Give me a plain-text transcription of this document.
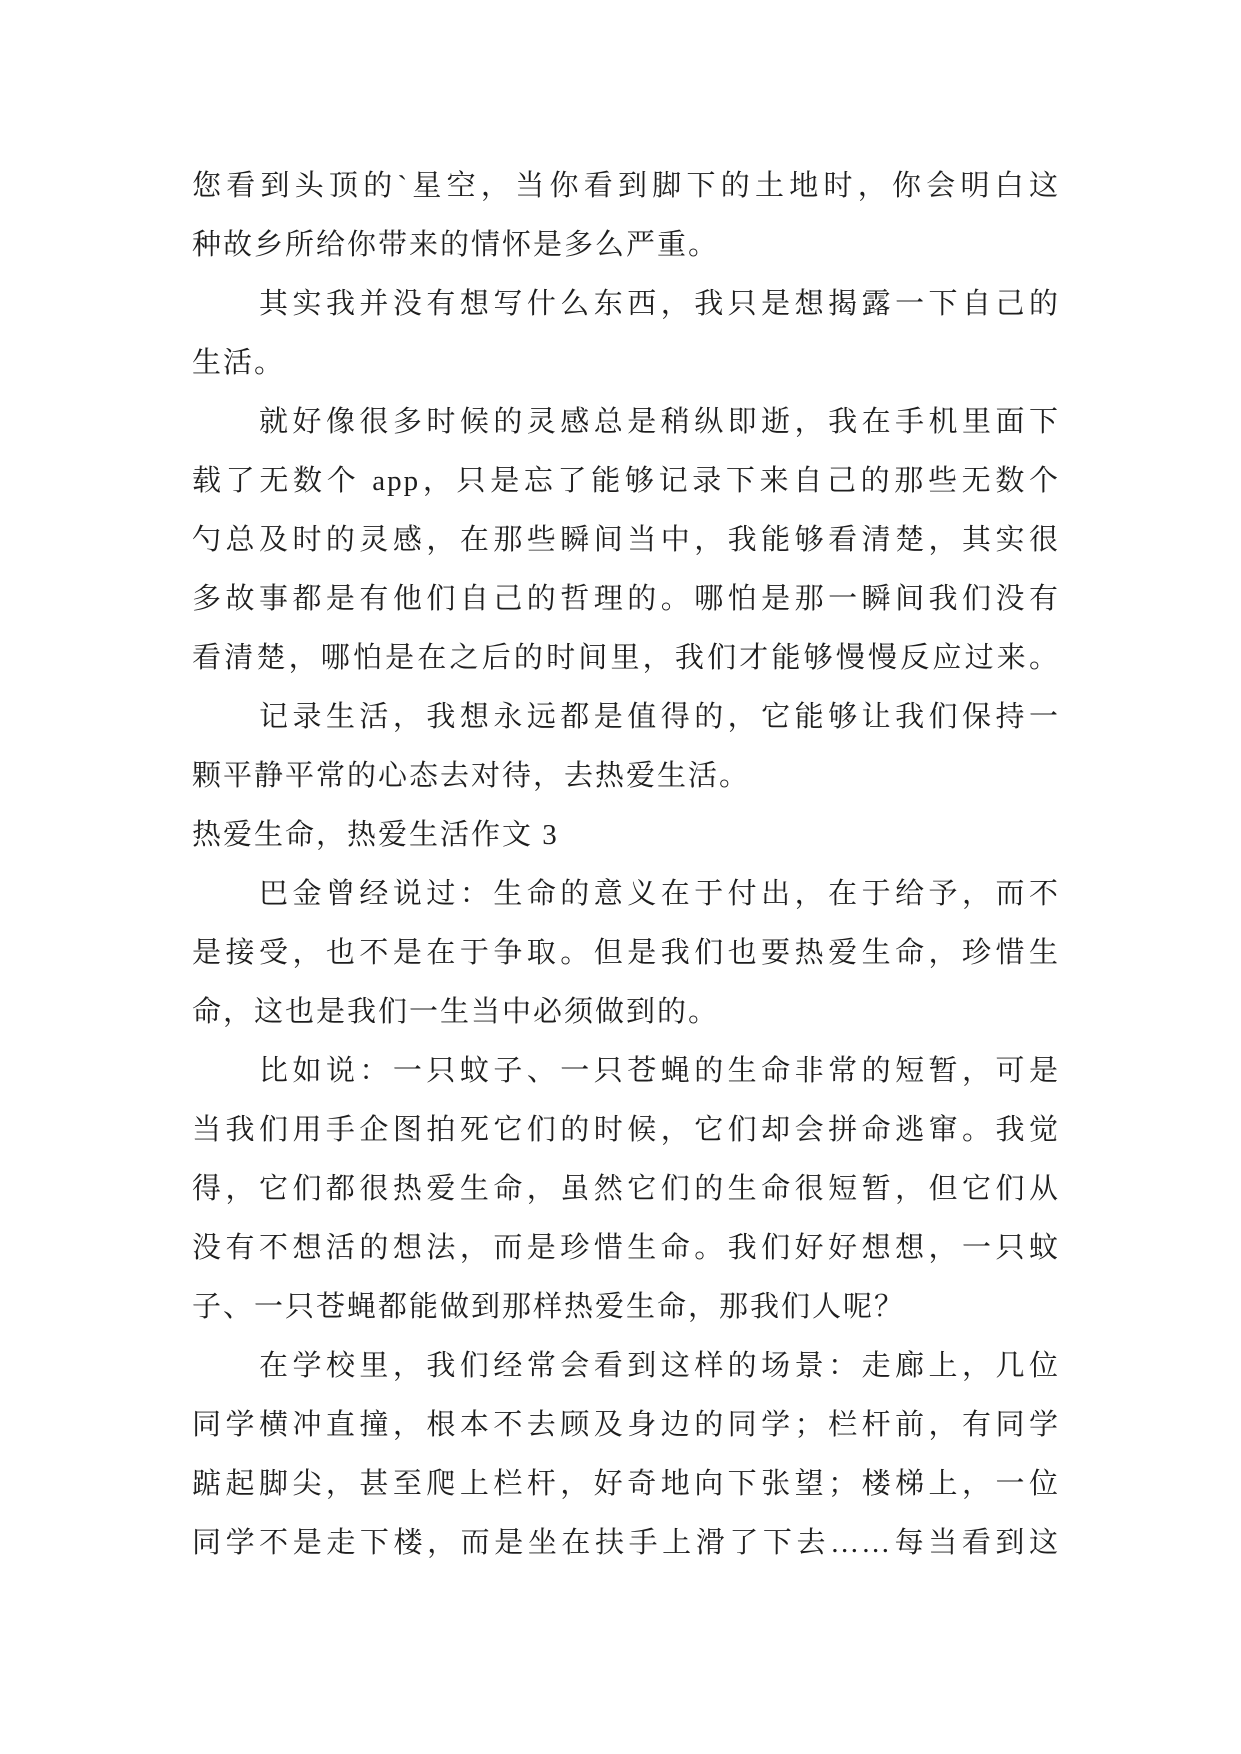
您看到头顶的`星空，当你看到脚下的土地时，你会明白这
种故乡所给你带来的情怀是多么严重。
其实我并没有想写什么东西，我只是想揭露一下自己的
生活。
就好像很多时候的灵感总是稍纵即逝，我在手机里面下
载了无数个 app，只是忘了能够记录下来自己的那些无数个
勺总及时的灵感，在那些瞬间当中，我能够看清楚，其实很
多故事都是有他们自己的哲理的。哪怕是那一瞬间我们没有
看清楚，哪怕是在之后的时间里，我们才能够慢慢反应过来。
记录生活，我想永远都是值得的，它能够让我们保持一
颗平静平常的心态去对待，去热爱生活。
热爱生命，热爱生活作文 3
巴金曾经说过：生命的意义在于付出，在于给予，而不
是接受，也不是在于争取。但是我们也要热爱生命，珍惜生
命，这也是我们一生当中必须做到的。
比如说：一只蚊子、一只苍蝇的生命非常的短暂，可是
当我们用手企图拍死它们的时候，它们却会拼命逃窜。我觉
得，它们都很热爱生命，虽然它们的生命很短暂，但它们从
没有不想活的想法，而是珍惜生命。我们好好想想，一只蚊
子、一只苍蝇都能做到那样热爱生命，那我们人呢？
在学校里，我们经常会看到这样的场景：走廊上，几位
同学横冲直撞，根本不去顾及身边的同学；栏杆前，有同学
踮起脚尖，甚至爬上栏杆，好奇地向下张望；楼梯上，一位
同学不是走下楼，而是坐在扶手上滑了下去……每当看到这
